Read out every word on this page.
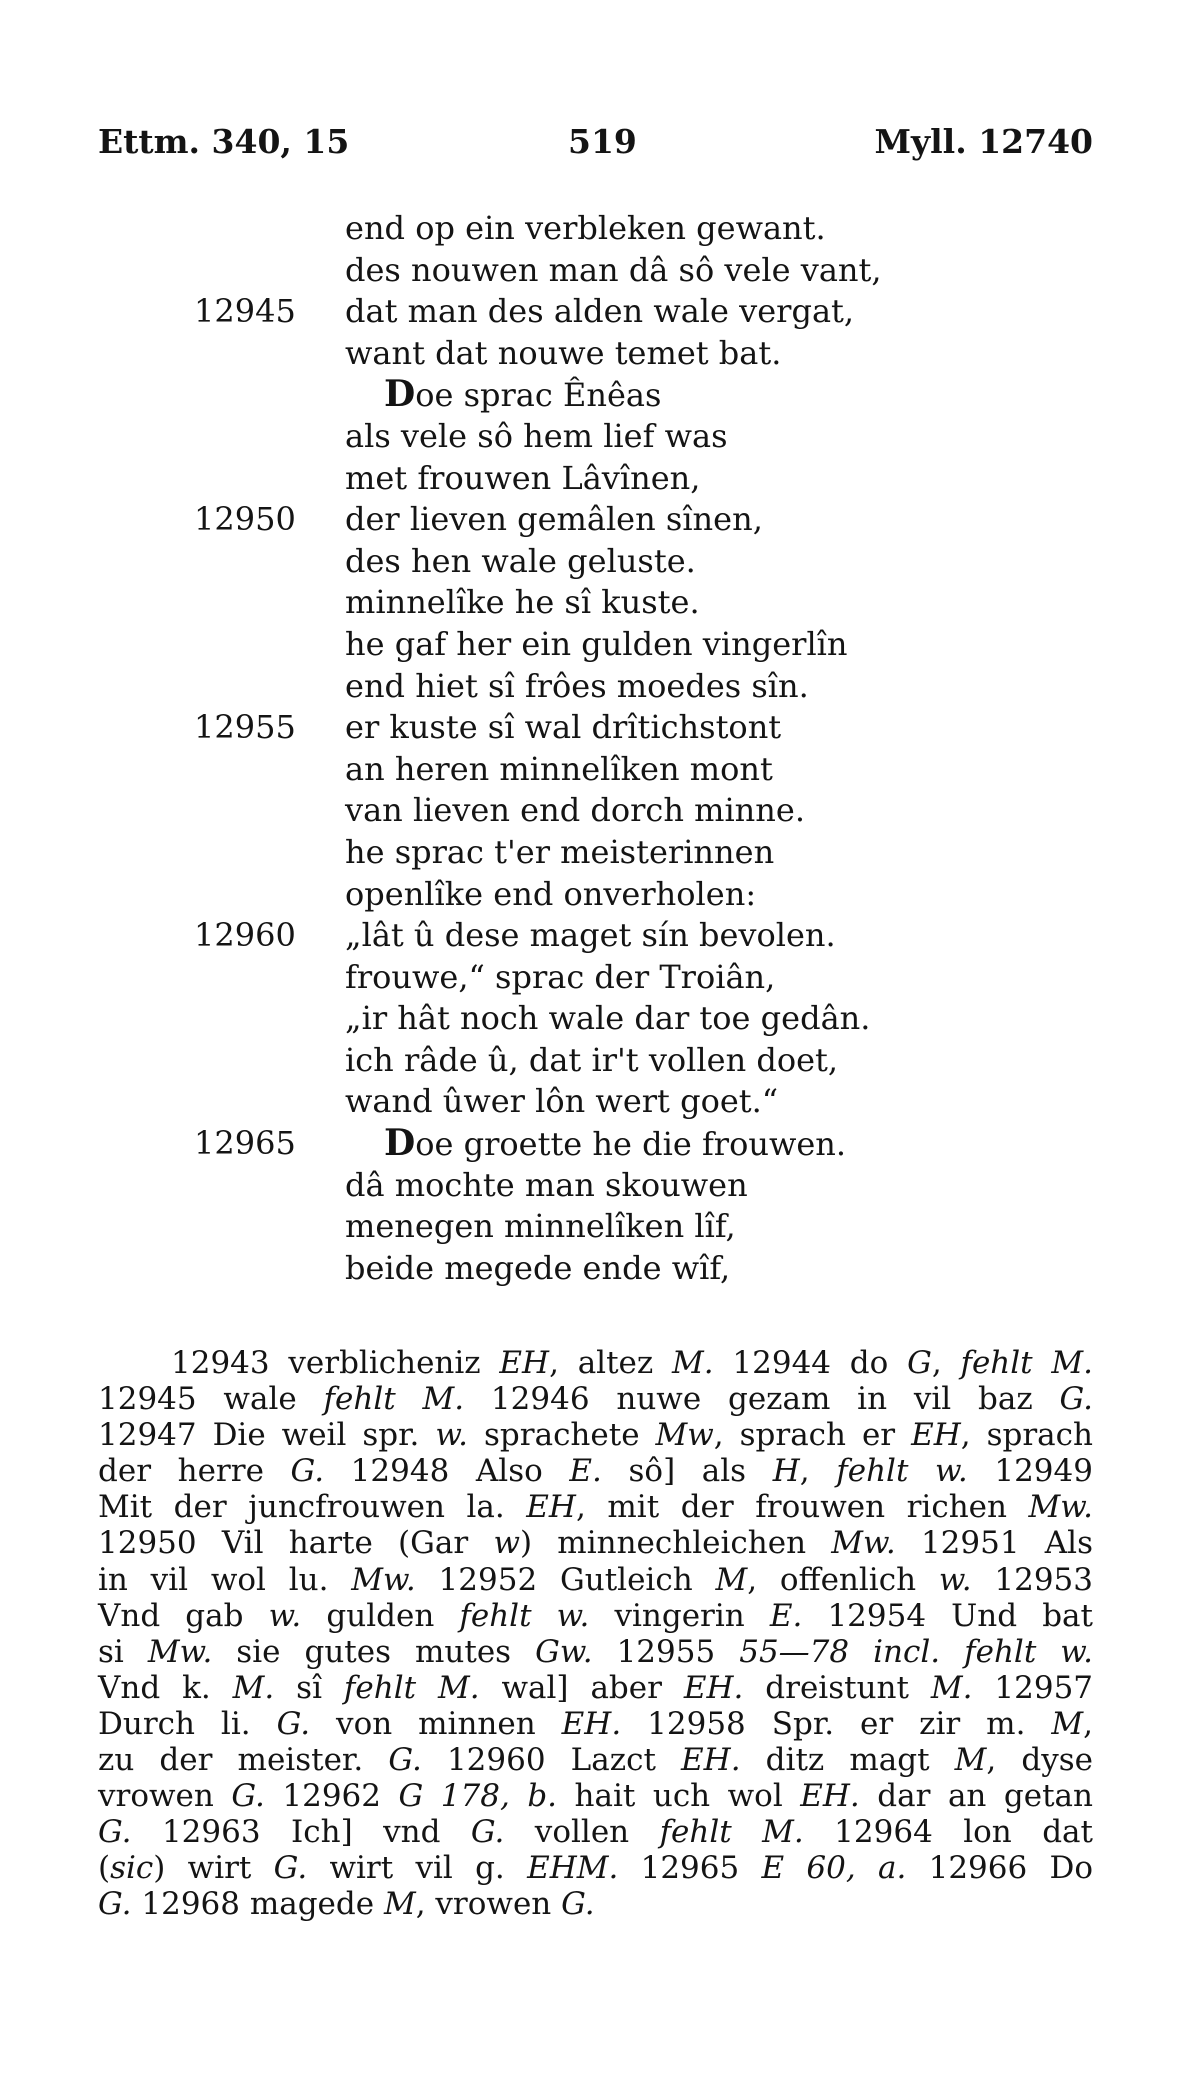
Ettm. 340, 15	519	Myll. 12740
end op ein verbleken gewant.
des nouwen man dâ sô vele vant,
12945 dat man des alden wale vergat,
want dat nouwe temet bat.
Doe sprac Ênêas
als vele sô hem lief was
met frouwen Lâvînen,
12950 der lieven gemâlen sînen,
des hen wale geluste.
minnelîke he sî kuste.
he gaf her ein gulden vingerlîn
end hiet sî frôes moedes sîn.
12955 er kuste sî wal drîtichstont
an heren minnelîken mont
van lieven end dorch minne.
he sprac t'er meisterinnen
openlîke end onverholen:
12960 „lât û dese maget sín bevolen.
frouwe,“ sprac der Troiân,
„ir hât noch wale dar toe gedân.
ich râde û, dat ir't vollen doet,
wand ûwer lôn wert goet.“
12965 Doe groette he die frouwen.
dâ mochte man skouwen
menegen minnelîken lîf,
beide megede ende wîf,
12943 verblicheniz EH, altez M. 12944 do G, fehlt M.
12945 wale fehlt M. 12946 nuwe gezam in vil baz G.
12947 Die weil spr. w. sprachete Mw, sprach er EH, sprach
der herre G. 12948 Also E. sô] als H, fehlt w. 12949
Mit der juncfrouwen la. EH, mit der frouwen richen Mw.
12950 Vil harte (Gar w) minnechleichen Mw. 12951 Als
in vil wol lu. Mw. 12952 Gutleich M, offenlich w. 12953
Vnd gab w. gulden fehlt w. vingerin E. 12954 Und bat
si Mw. sie gutes mutes Gw. 12955 55—78 incl. fehlt w.
Vnd k. M. sî fehlt M. wal] aber EH. dreistunt M. 12957
Durch li. G. von minnen EH. 12958 Spr. er zir m. M,
zu der meister. G. 12960 Lazct EH. ditz magt M, dyse
vrowen G. 12962 G 178, b. hait uch wol EH. dar an getan
G. 12963 Ich] vnd G. vollen fehlt M. 12964 lon dat
(sic) wirt G. wirt vil g. EHM. 12965 E 60, a. 12966 Do
G. 12968 magede M, vrowen G.
